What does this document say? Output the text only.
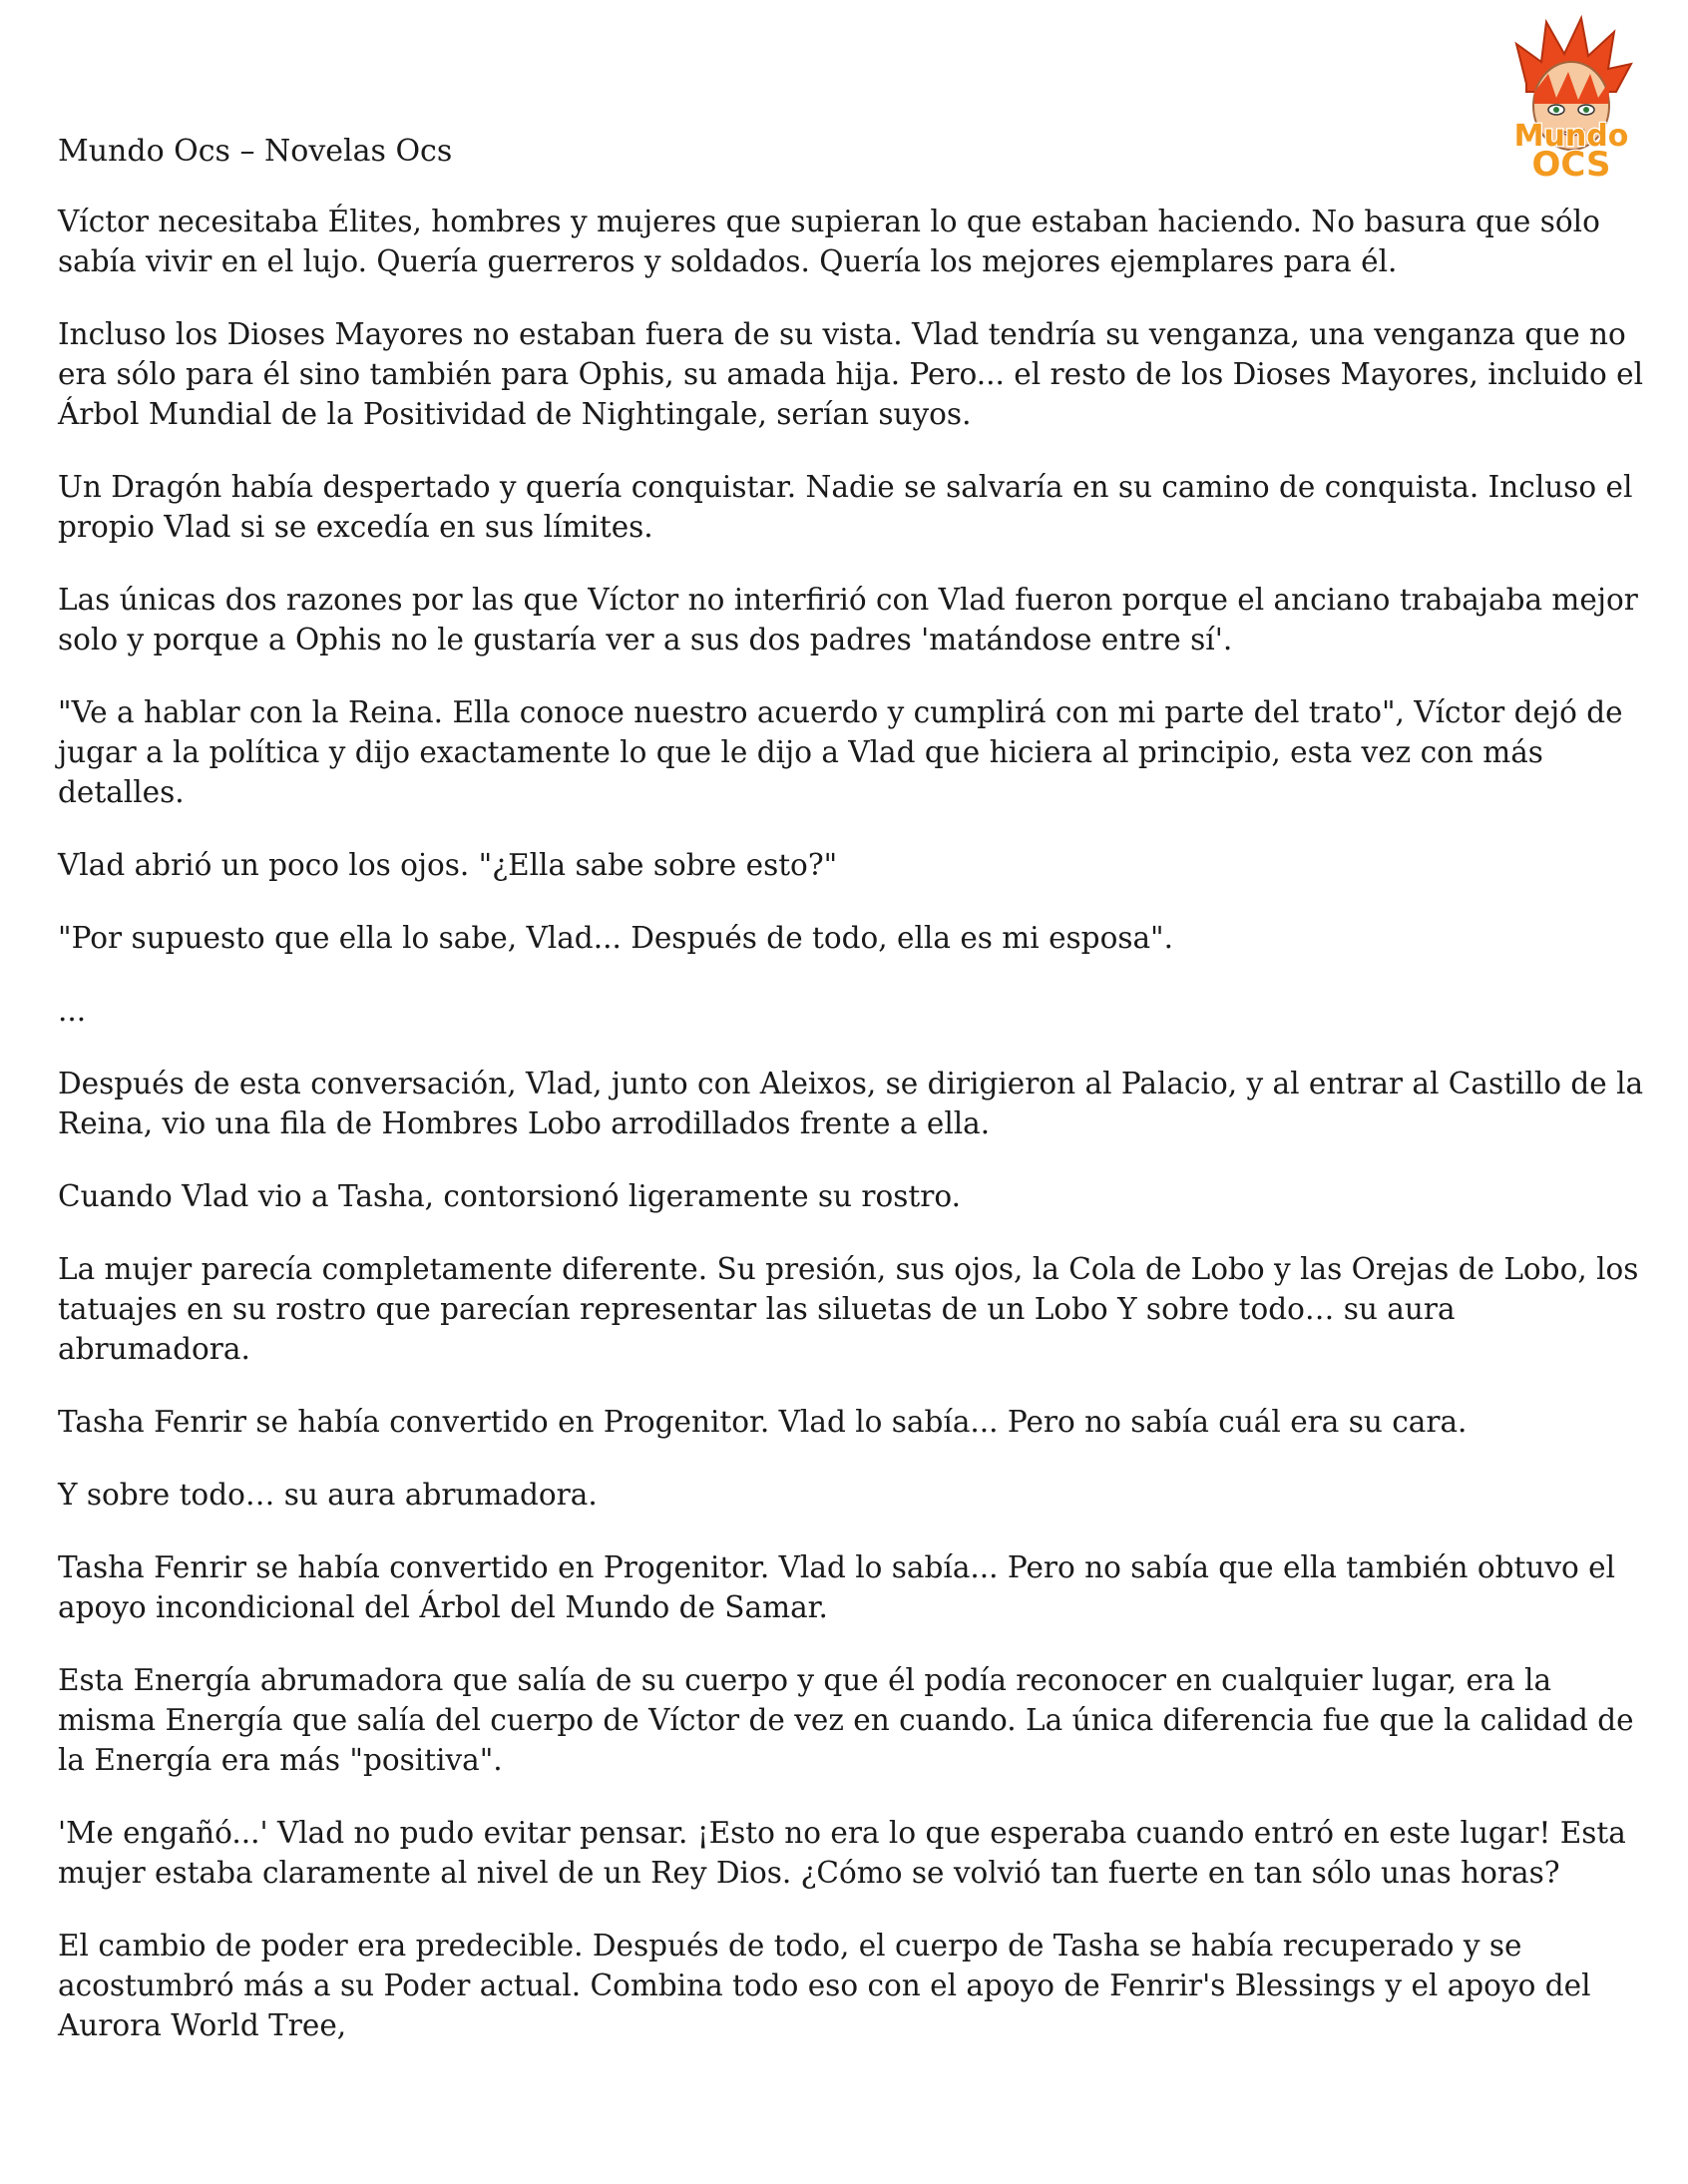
Mundo
OCS
Mundo Ocs – Novelas Ocs

Víctor necesitaba Élites, hombres y mujeres que supieran lo que estaban haciendo. No basura que sólo sabía vivir en el lujo. Quería guerreros y soldados. Quería los mejores ejemplares para él.

Incluso los Dioses Mayores no estaban fuera de su vista. Vlad tendría su venganza, una venganza que no era sólo para él sino también para Ophis, su amada hija. Pero... el resto de los Dioses Mayores, incluido el Árbol Mundial de la Positividad de Nightingale, serían suyos.

Un Dragón había despertado y quería conquistar. Nadie se salvaría en su camino de conquista. Incluso el propio Vlad si se excedía en sus límites.

Las únicas dos razones por las que Víctor no interfirió con Vlad fueron porque el anciano trabajaba mejor solo y porque a Ophis no le gustaría ver a sus dos padres 'matándose entre sí'.

"Ve a hablar con la Reina. Ella conoce nuestro acuerdo y cumplirá con mi parte del trato", Víctor dejó de jugar a la política y dijo exactamente lo que le dijo a Vlad que hiciera al principio, esta vez con más detalles.

Vlad abrió un poco los ojos. "¿Ella sabe sobre esto?"

"Por supuesto que ella lo sabe, Vlad... Después de todo, ella es mi esposa".

...

Después de esta conversación, Vlad, junto con Aleixos, se dirigieron al Palacio, y al entrar al Castillo de la Reina, vio una fila de Hombres Lobo arrodillados frente a ella.

Cuando Vlad vio a Tasha, contorsionó ligeramente su rostro.

La mujer parecía completamente diferente. Su presión, sus ojos, la Cola de Lobo y las Orejas de Lobo, los tatuajes en su rostro que parecían representar las siluetas de un Lobo Y sobre todo… su aura abrumadora.

Tasha Fenrir se había convertido en Progenitor. Vlad lo sabía... Pero no sabía cuál era su cara.

Y sobre todo… su aura abrumadora.

Tasha Fenrir se había convertido en Progenitor. Vlad lo sabía... Pero no sabía que ella también obtuvo el apoyo incondicional del Árbol del Mundo de Samar.

Esta Energía abrumadora que salía de su cuerpo y que él podía reconocer en cualquier lugar, era la misma Energía que salía del cuerpo de Víctor de vez en cuando. La única diferencia fue que la calidad de la Energía era más "positiva".

'Me engañó...' Vlad no pudo evitar pensar. ¡Esto no era lo que esperaba cuando entró en este lugar! Esta mujer estaba claramente al nivel de un Rey Dios. ¿Cómo se volvió tan fuerte en tan sólo unas horas?

El cambio de poder era predecible. Después de todo, el cuerpo de Tasha se había recuperado y se acostumbró más a su Poder actual. Combina todo eso con el apoyo de Fenrir's Blessings y el apoyo del Aurora World Tree,
